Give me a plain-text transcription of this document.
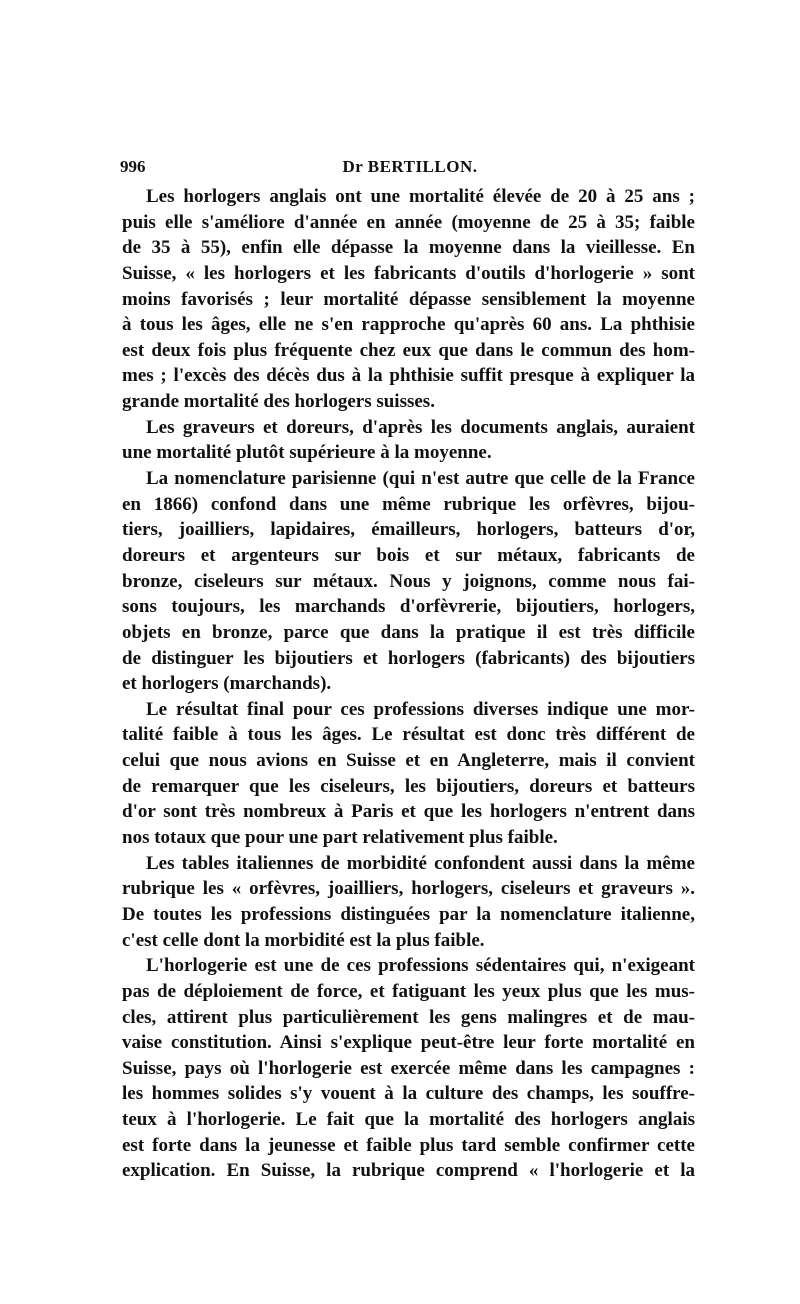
996	Dr BERTILLON.
Les horlogers anglais ont une mortalité élevée de 20 à 25 ans ;
puis elle s'améliore d'année en année (moyenne de 25 à 35; faible
de 35 à 55), enfin elle dépasse la moyenne dans la vieillesse. En
Suisse, « les horlogers et les fabricants d'outils d'horlogerie » sont
moins favorisés ; leur mortalité dépasse sensiblement la moyenne
à tous les âges, elle ne s'en rapproche qu'après 60 ans. La phthisie
est deux fois plus fréquente chez eux que dans le commun des hom-
mes ; l'excès des décès dus à la phthisie suffit presque à expliquer la
grande mortalité des horlogers suisses.
Les graveurs et doreurs, d'après les documents anglais, auraient
une mortalité plutôt supérieure à la moyenne.
La nomenclature parisienne (qui n'est autre que celle de la France
en 1866) confond dans une même rubrique les orfèvres, bijou-
tiers, joailliers, lapidaires, émailleurs, horlogers, batteurs d'or,
doreurs et argenteurs sur bois et sur métaux, fabricants de
bronze, ciseleurs sur métaux. Nous y joignons, comme nous fai-
sons toujours, les marchands d'orfèvrerie, bijoutiers, horlogers,
objets en bronze, parce que dans la pratique il est très difficile
de distinguer les bijoutiers et horlogers (fabricants) des bijoutiers
et horlogers (marchands).
Le résultat final pour ces professions diverses indique une mor-
talité faible à tous les âges. Le résultat est donc très différent de
celui que nous avions en Suisse et en Angleterre, mais il convient
de remarquer que les ciseleurs, les bijoutiers, doreurs et batteurs
d'or sont très nombreux à Paris et que les horlogers n'entrent dans
nos totaux que pour une part relativement plus faible.
Les tables italiennes de morbidité confondent aussi dans la même
rubrique les « orfèvres, joailliers, horlogers, ciseleurs et graveurs ».
De toutes les professions distinguées par la nomenclature italienne,
c'est celle dont la morbidité est la plus faible.
L'horlogerie est une de ces professions sédentaires qui, n'exigeant
pas de déploiement de force, et fatiguant les yeux plus que les mus-
cles, attirent plus particulièrement les gens malingres et de mau-
vaise constitution. Ainsi s'explique peut-être leur forte mortalité en
Suisse, pays où l'horlogerie est exercée même dans les campagnes :
les hommes solides s'y vouent à la culture des champs, les souffre-
teux à l'horlogerie. Le fait que la mortalité des horlogers anglais
est forte dans la jeunesse et faible plus tard semble confirmer cette
explication. En Suisse, la rubrique comprend « l'horlogerie et la
